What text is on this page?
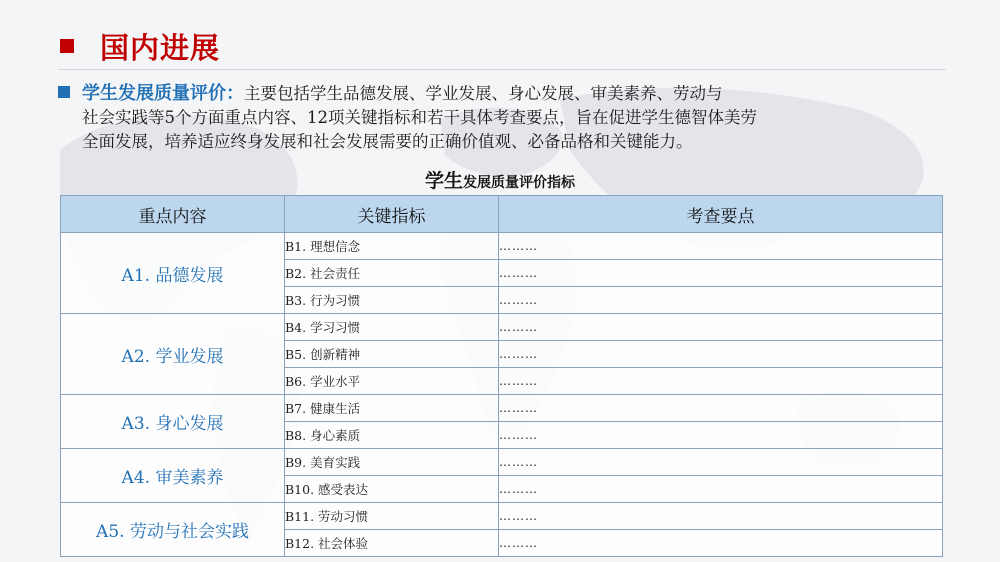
国内进展
学生发展质量评价：主要包括学生品德发展、学业发展、身心发展、审美素养、劳动与
社会实践等5个方面重点内容、12项关键指标和若干具体考查要点，旨在促进学生德智体美劳
全面发展，培养适应终身发展和社会发展需要的正确价值观、必备品格和关键能力。
学生发展质量评价指标
重点内容	关键指标	考查要点
A1. 品德发展	B1. 理想信念	………
	B2. 社会责任	………
	B3. 行为习惯	………
A2. 学业发展	B4. 学习习惯	………
	B5. 创新精神	………
	B6. 学业水平	………
A3. 身心发展	B7. 健康生活	………
	B8. 身心素质	………
A4. 审美素养	B9. 美育实践	………
	B10. 感受表达	………
A5. 劳动与社会实践	B11. 劳动习惯	………
	B12. 社会体验	………
